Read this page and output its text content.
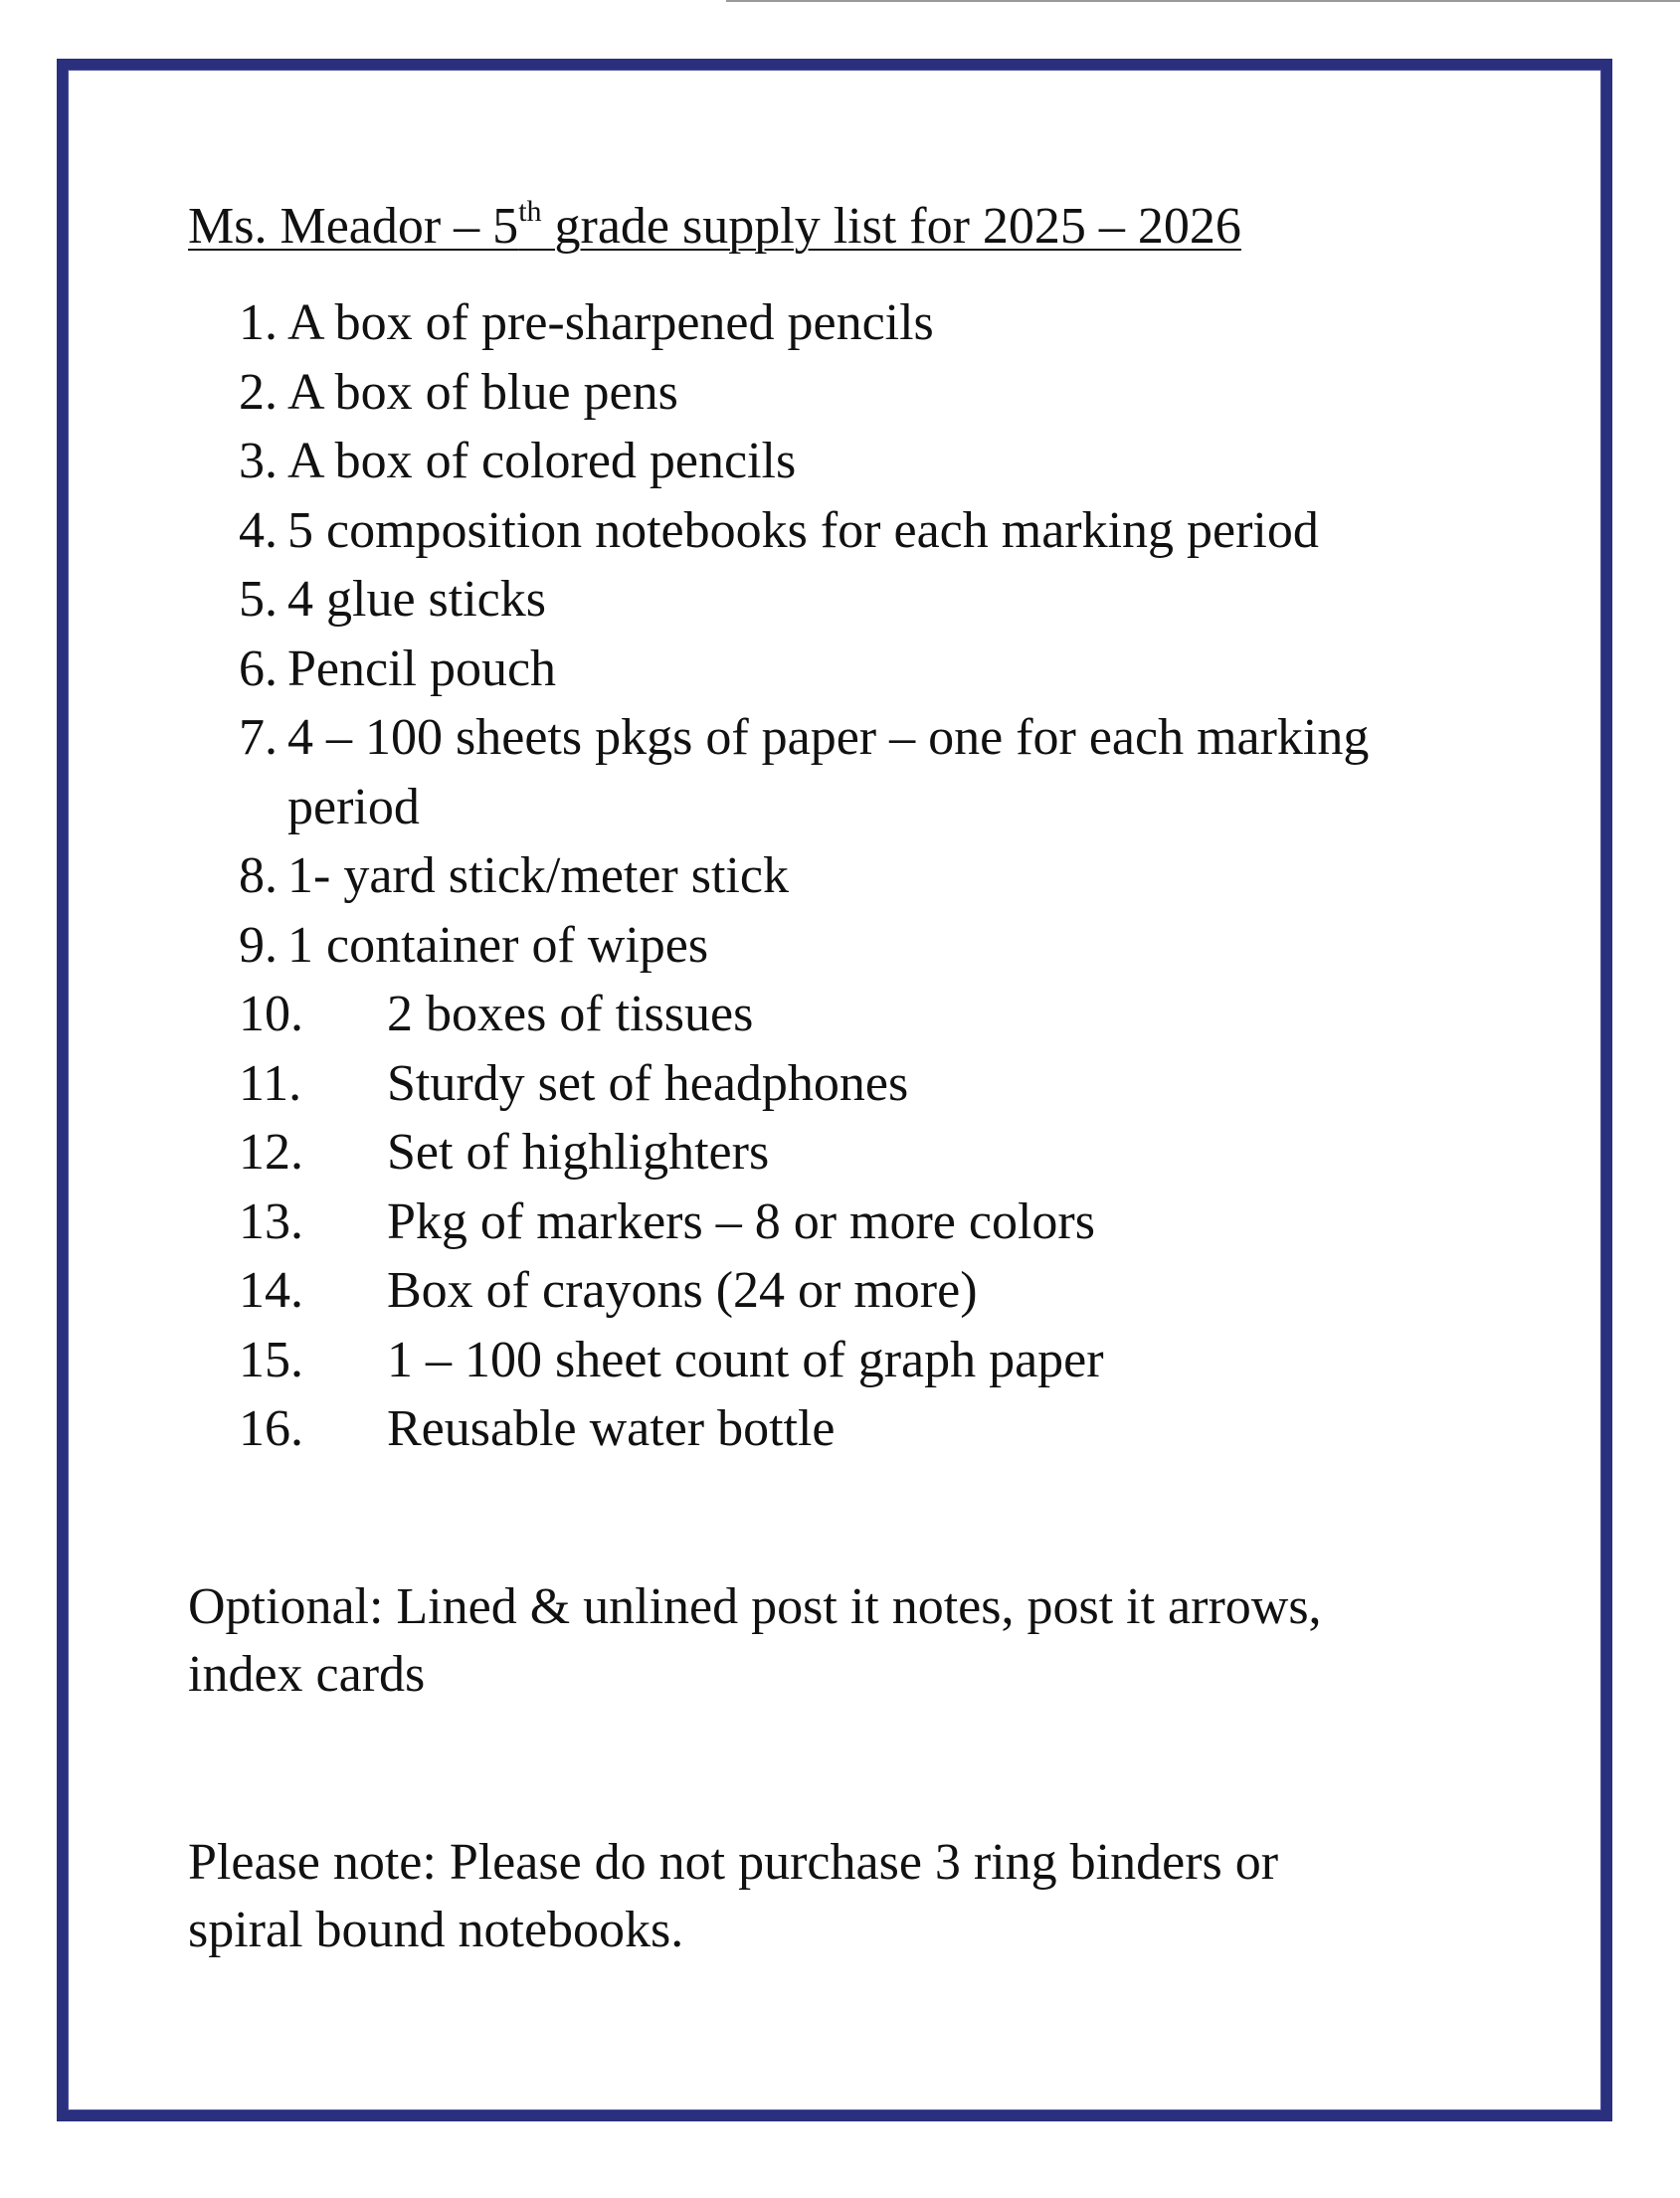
Ms. Meador – 5th grade supply list for 2025 – 2026
1. A box of pre-sharpened pencils
2. A box of blue pens
3. A box of colored pencils
4. 5 composition notebooks for each marking period
5. 4 glue sticks
6. Pencil pouch
7. 4 – 100 sheets pkgs of paper – one for each marking
period
8. 1- yard stick/meter stick
9. 1 container of wipes
10.	2 boxes of tissues
11.	Sturdy set of headphones
12.	Set of highlighters
13.	Pkg of markers – 8 or more colors
14.	Box of crayons (24 or more)
15.	1 – 100 sheet count of graph paper
16.	Reusable water bottle
Optional: Lined & unlined post it notes, post it arrows,
index cards
Please note: Please do not purchase 3 ring binders or
spiral bound notebooks.
